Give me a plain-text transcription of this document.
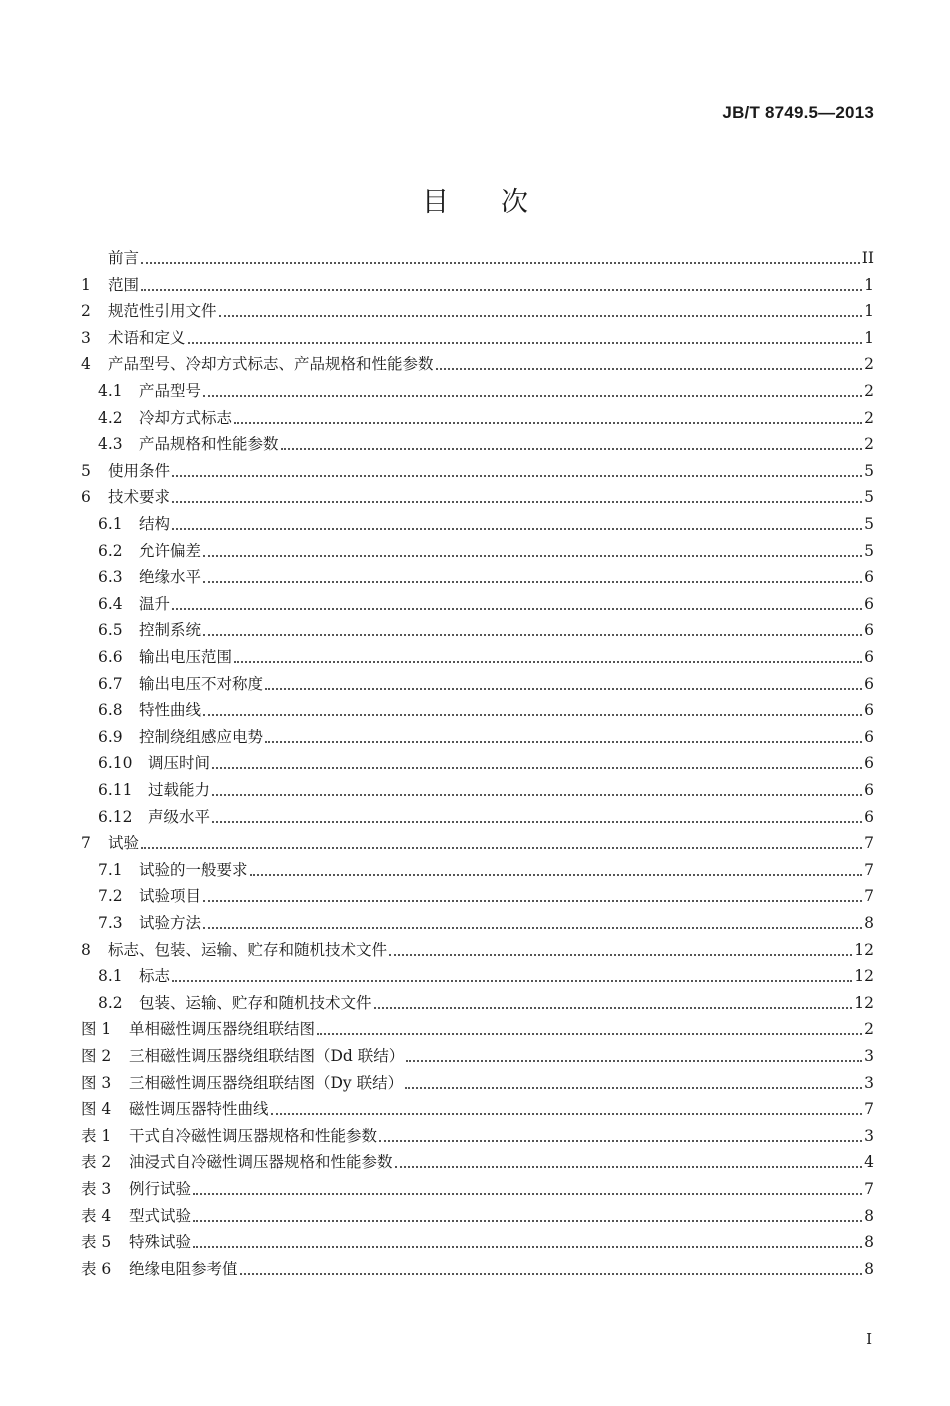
JB/T 8749.5—2013
目 次
前言	II
1	范围	1
2	规范性引用文件	1
3	术语和定义	1
4	产品型号、冷却方式标志、产品规格和性能参数	2
4.1	产品型号	2
4.2	冷却方式标志	2
4.3	产品规格和性能参数	2
5	使用条件	5
6	技术要求	5
6.1	结构	5
6.2	允许偏差	5
6.3	绝缘水平	6
6.4	温升	6
6.5	控制系统	6
6.6	输出电压范围	6
6.7	输出电压不对称度	6
6.8	特性曲线	6
6.9	控制绕组感应电势	6
6.10 调压时间	6
6.11 过载能力	6
6.12 声级水平	6
7	试验	7
7.1	试验的一般要求	7
7.2	试验项目	7
7.3	试验方法	8
8	标志、包装、运输、贮存和随机技术文件	12
8.1	标志	12
8.2	包装、运输、贮存和随机技术文件	12
图 1	单相磁性调压器绕组联结图	2
图 2	三相磁性调压器绕组联结图（Dd 联结）	3
图 3	三相磁性调压器绕组联结图（Dy 联结）	3
图 4	磁性调压器特性曲线	7
表 1	干式自冷磁性调压器规格和性能参数	3
表 2	油浸式自冷磁性调压器规格和性能参数	4
表 3	例行试验	7
表 4	型式试验	8
表 5	特殊试验	8
表 6	绝缘电阻参考值	8
I
